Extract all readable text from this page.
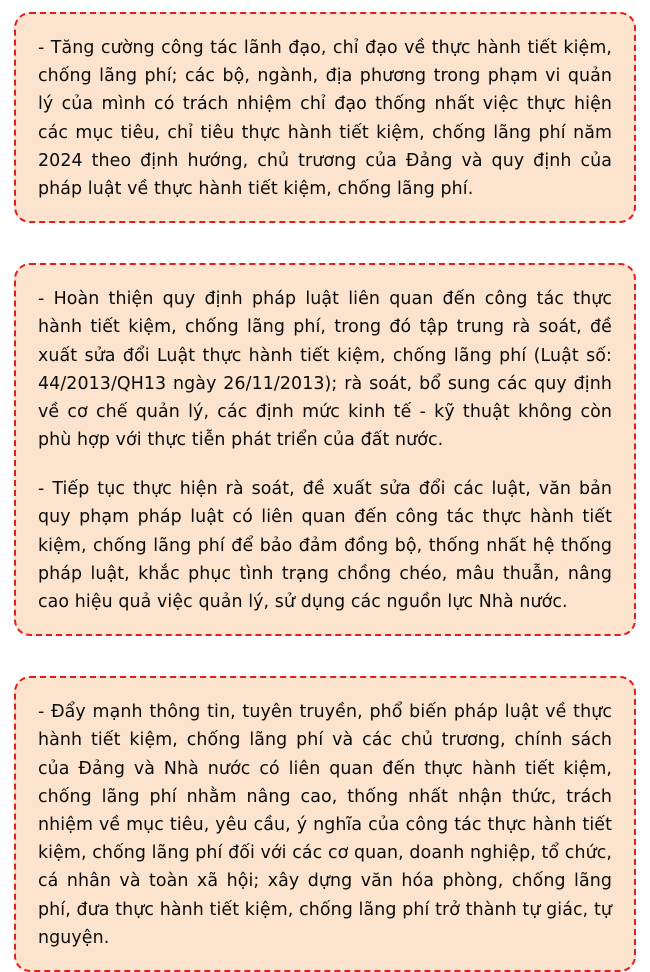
- Tăng cường công tác lãnh đạo, chỉ đạo về thực hành tiết kiệm, chống lãng phí; các bộ, ngành, địa phương trong phạm vi quản lý của mình có trách nhiệm chỉ đạo thống nhất việc thực hiện các mục tiêu, chỉ tiêu thực hành tiết kiệm, chống lãng phí năm 2024 theo định hướng, chủ trương của Đảng và quy định của pháp luật về thực hành tiết kiệm, chống lãng phí.

- Hoàn thiện quy định pháp luật liên quan đến công tác thực hành tiết kiệm, chống lãng phí, trong đó tập trung rà soát, đề xuất sửa đổi Luật thực hành tiết kiệm, chống lãng phí (Luật số: 44/2013/QH13 ngày 26/11/2013); rà soát, bổ sung các quy định về cơ chế quản lý, các định mức kinh tế - kỹ thuật không còn phù hợp với thực tiễn phát triển của đất nước.

- Tiếp tục thực hiện rà soát, đề xuất sửa đổi các luật, văn bản quy phạm pháp luật có liên quan đến công tác thực hành tiết kiệm, chống lãng phí để bảo đảm đồng bộ, thống nhất hệ thống pháp luật, khắc phục tình trạng chồng chéo, mâu thuẫn, nâng cao hiệu quả việc quản lý, sử dụng các nguồn lực Nhà nước.

- Đẩy mạnh thông tin, tuyên truyền, phổ biến pháp luật về thực hành tiết kiệm, chống lãng phí và các chủ trương, chính sách của Đảng và Nhà nước có liên quan đến thực hành tiết kiệm, chống lãng phí nhằm nâng cao, thống nhất nhận thức, trách nhiệm về mục tiêu, yêu cầu, ý nghĩa của công tác thực hành tiết kiệm, chống lãng phí đối với các cơ quan, doanh nghiệp, tổ chức, cá nhân và toàn xã hội; xây dựng văn hóa phòng, chống lãng phí, đưa thực hành tiết kiệm, chống lãng phí trở thành tự giác, tự nguyện.
